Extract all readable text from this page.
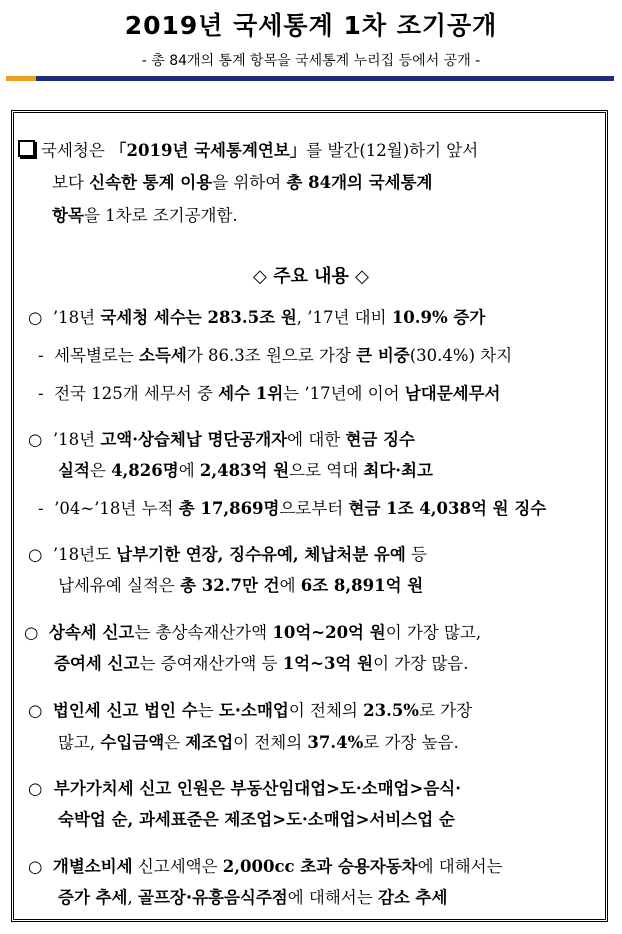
2019년 국세통계 1차 조기공개
- 총 84개의 통계 항목을 국세통계 누리집 등에서 공개 -
국세청은 「2019년 국세통계연보」를 발간(12월)하기 앞서
보다 신속한 통계 이용을 위하여 총 84개의 국세통계
항목을 1차로 조기공개함.
◇ 주요 내용 ◇
○ ’18년 국세청 세수는 283.5조 원, ’17년 대비 10.9% 증가
- 세목별로는 소득세가 86.3조 원으로 가장 큰 비중(30.4%) 차지
- 전국 125개 세무서 중 세수 1위는 ’17년에 이어 남대문세무서
○ ’18년 고액·상습체납 명단공개자에 대한 현금 징수
실적은 4,826명에 2,483억 원으로 역대 최다·최고
- ’04~’18년 누적 총 17,869명으로부터 현금 1조 4,038억 원 징수
○ ’18년도 납부기한 연장, 징수유예, 체납처분 유예 등
납세유예 실적은 총 32.7만 건에 6조 8,891억 원
○ 상속세 신고는 총상속재산가액 10억~20억 원이 가장 많고,
증여세 신고는 증여재산가액 등 1억~3억 원이 가장 많음.
○ 법인세 신고 법인 수는 도·소매업이 전체의 23.5%로 가장
많고, 수입금액은 제조업이 전체의 37.4%로 가장 높음.
○ 부가가치세 신고 인원은 부동산임대업>도·소매업>음식·
숙박업 순, 과세표준은 제조업>도·소매업>서비스업 순
○ 개별소비세 신고세액은 2,000cc 초과 승용자동차에 대해서는
증가 추세, 골프장·유흥음식주점에 대해서는 감소 추세
